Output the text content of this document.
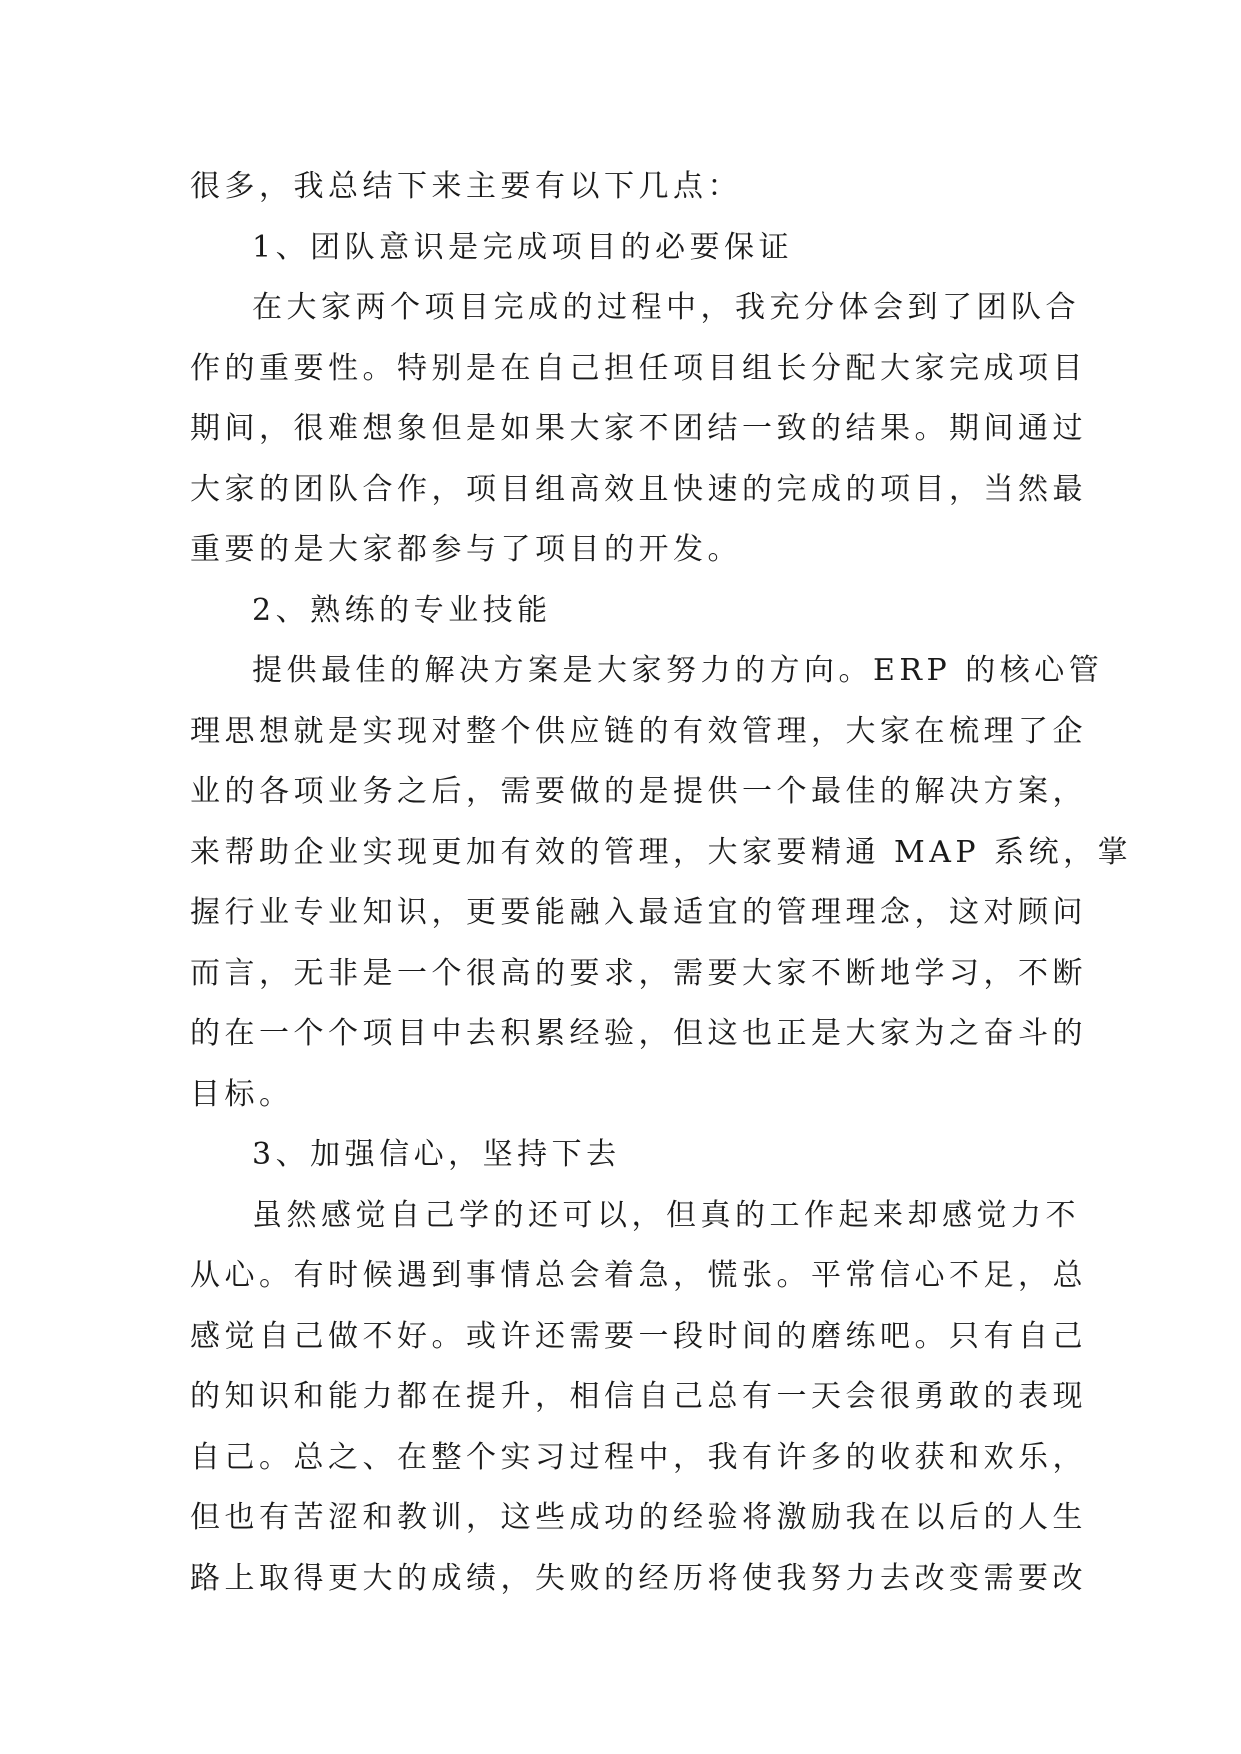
很多，我总结下来主要有以下几点：
1、团队意识是完成项目的必要保证
在大家两个项目完成的过程中，我充分体会到了团队合
作的重要性。特别是在自己担任项目组长分配大家完成项目
期间，很难想象但是如果大家不团结一致的结果。期间通过
大家的团队合作，项目组高效且快速的完成的项目，当然最
重要的是大家都参与了项目的开发。
2、熟练的专业技能
提供最佳的解决方案是大家努力的方向。ERP 的核心管
理思想就是实现对整个供应链的有效管理，大家在梳理了企
业的各项业务之后，需要做的是提供一个最佳的解决方案，
来帮助企业实现更加有效的管理，大家要精通 MAP 系统，掌
握行业专业知识，更要能融入最适宜的管理理念，这对顾问
而言，无非是一个很高的要求，需要大家不断地学习，不断
的在一个个项目中去积累经验，但这也正是大家为之奋斗的
目标。
3、加强信心，坚持下去
虽然感觉自己学的还可以，但真的工作起来却感觉力不
从心。有时候遇到事情总会着急，慌张。平常信心不足，总
感觉自己做不好。或许还需要一段时间的磨练吧。只有自己
的知识和能力都在提升，相信自己总有一天会很勇敢的表现
自己。总之、在整个实习过程中，我有许多的收获和欢乐，
但也有苦涩和教训，这些成功的经验将激励我在以后的人生
路上取得更大的成绩，失败的经历将使我努力去改变需要改
